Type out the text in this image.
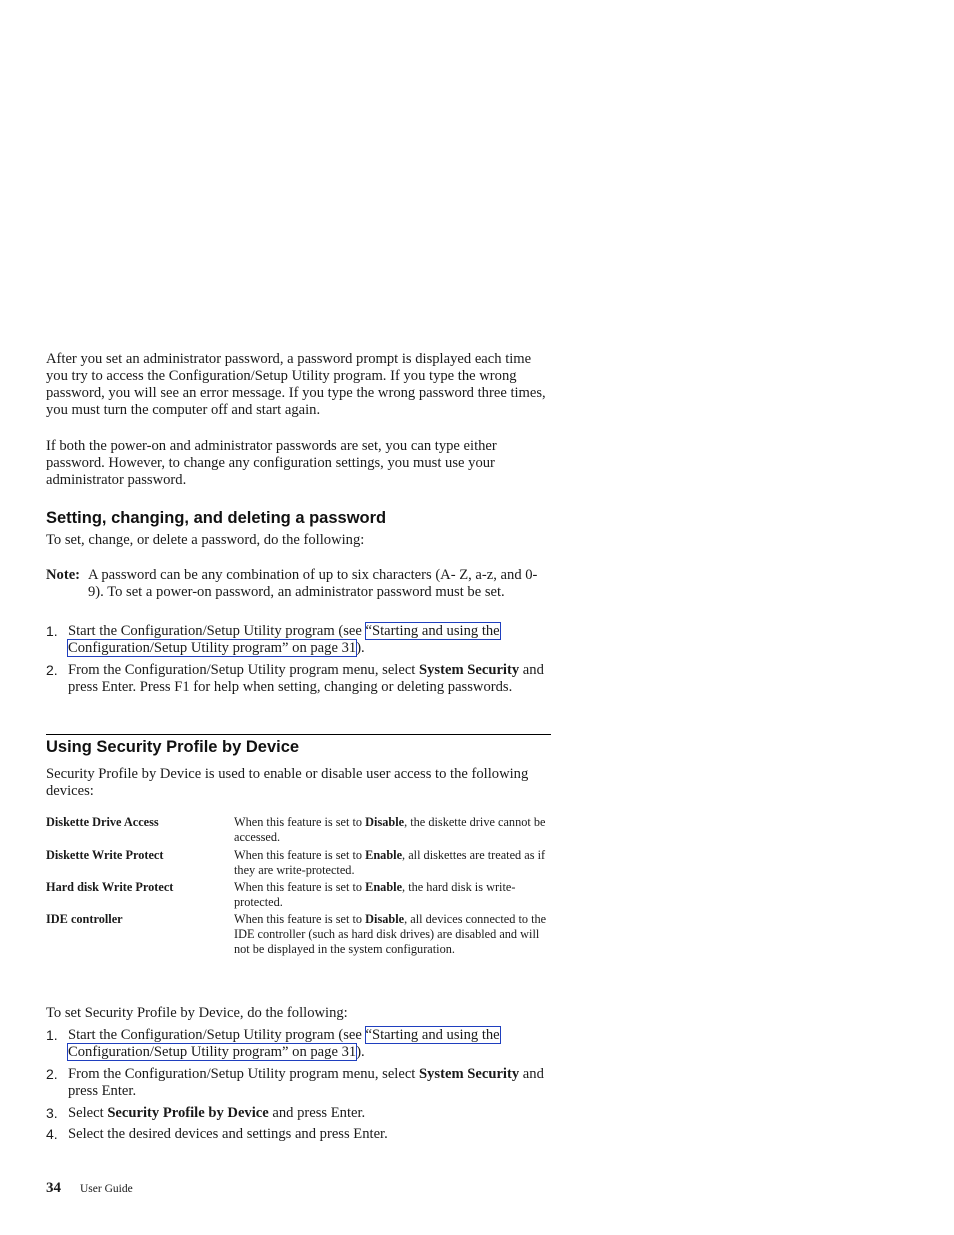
After you set an administrator password, a password prompt is displayed each time you try to access the Configuration/Setup Utility program. If you type the wrong password, you will see an error message. If you type the wrong password three times, you must turn the computer off and start again.

If both the power-on and administrator passwords are set, you can type either password. However, to change any configuration settings, you must use your administrator password.

Setting, changing, and deleting a password

To set, change, or delete a password, do the following:

Note: A password can be any combination of up to six characters (A- Z, a-z, and 0-9). To set a power-on password, an administrator password must be set.
1. Start the Configuration/Setup Utility program (see “Starting and using the Configuration/Setup Utility program” on page 31).
2. From the Configuration/Setup Utility program menu, select System Security and press Enter. Press F1 for help when setting, changing or deleting passwords.
Using Security Profile by Device

Security Profile by Device is used to enable or disable user access to the following devices:

Diskette Drive Access	When this feature is set to Disable, the diskette drive cannot be accessed.
Diskette Write Protect	When this feature is set to Enable, all diskettes are treated as if they are write-protected.
Hard disk Write Protect	When this feature is set to Enable, the hard disk is write-protected.
IDE controller	When this feature is set to Disable, all devices connected to the IDE controller (such as hard disk drives) are disabled and will not be displayed in the system configuration.

To set Security Profile by Device, do the following:

1. Start the Configuration/Setup Utility program (see “Starting and using the Configuration/Setup Utility program” on page 31).
2. From the Configuration/Setup Utility program menu, select System Security and press Enter.
3. Select Security Profile by Device and press Enter.
4. Select the desired devices and settings and press Enter.
34 User Guide
